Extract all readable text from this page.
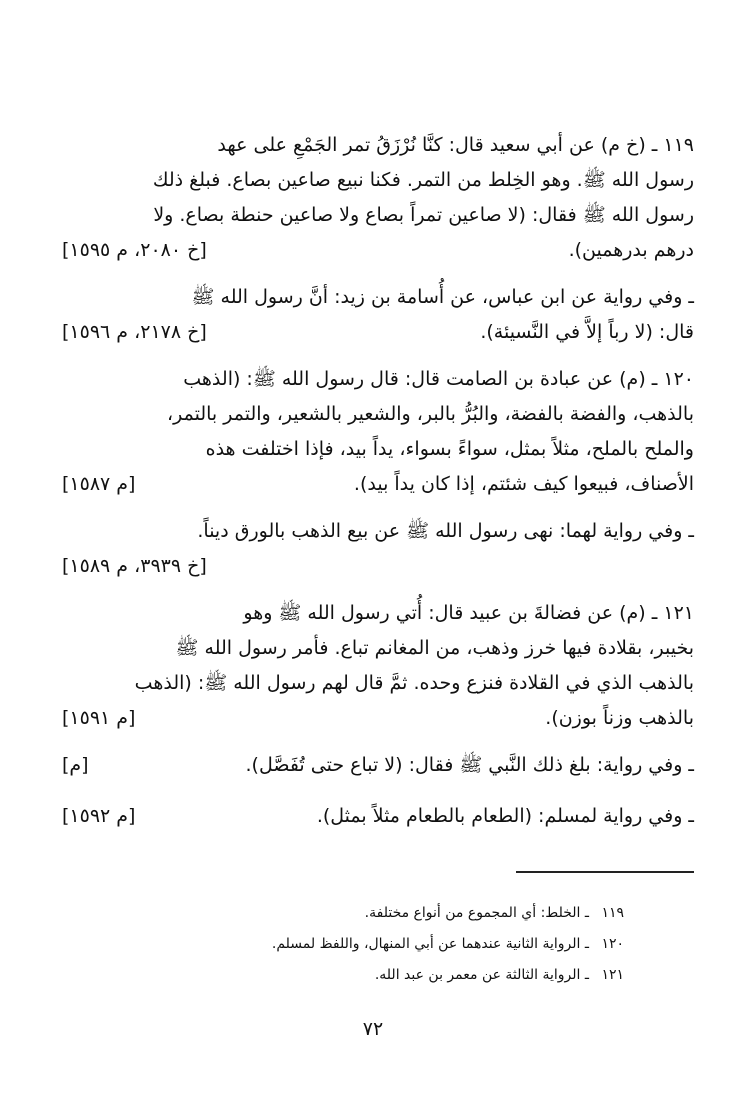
١١٩ ـ (خ م) عن أبي سعيد قال: كنَّا نُرْزَقُ تمر الجَمْعِ على عهد
رسول الله ﷺ. وهو الخِلط من التمر. فكنا نبيع صاعين بصاع. فبلغ ذلك
رسول الله ﷺ فقال: (لا صاعين تمراً بصاع ولا صاعين حنطة بصاع. ولا
درهم بدرهمين).
[خ ٢٠٨٠، م ١٥٩٥]
ـ وفي رواية عن ابن عباس، عن أُسامة بن زيد: أنَّ رسول الله ﷺ
قال: (لا رباً إلاَّ في النَّسيئة).
[خ ٢١٧٨، م ١٥٩٦]
١٢٠ ـ (م) عن عبادة بن الصامت قال: قال رسول الله ﷺ: (الذهب
بالذهب، والفضة بالفضة، والبُرُّ بالبر، والشعير بالشعير، والتمر بالتمر،
والملح بالملح، مثلاً بمثل، سواءً بسواء، يداً بيد، فإذا اختلفت هذه
الأصناف، فبيعوا كيف شئتم، إذا كان يداً بيد).
[م ١٥٨٧]
ـ وفي رواية لهما: نهى رسول الله ﷺ عن بيع الذهب بالورق ديناً.
[خ ٣٩٣٩، م ١٥٨٩]
١٢١ ـ (م) عن فضالةَ بن عبيد قال: أُتي رسول الله ﷺ وهو
بخيبر، بقلادة فيها خرز وذهب، من المغانم تباع. فأمر رسول الله ﷺ
بالذهب الذي في القلادة فنزع وحده. ثمَّ قال لهم رسول الله ﷺ: (الذهب
بالذهب وزناً بوزن).
[م ١٥٩١]
ـ وفي رواية: بلغ ذلك النَّبي ﷺ فقال: (لا تباع حتى تُفَصَّل).
[م]
ـ وفي رواية لمسلم: (الطعام بالطعام مثلاً بمثل).
[م ١٥٩٢]
١١٩ ـ الخلط: أي المجموع من أنواع مختلفة.
١٢٠ ـ الرواية الثانية عندهما عن أبي المنهال، واللفظ لمسلم.
١٢١ ـ الرواية الثالثة عن معمر بن عبد الله.
٧٢
